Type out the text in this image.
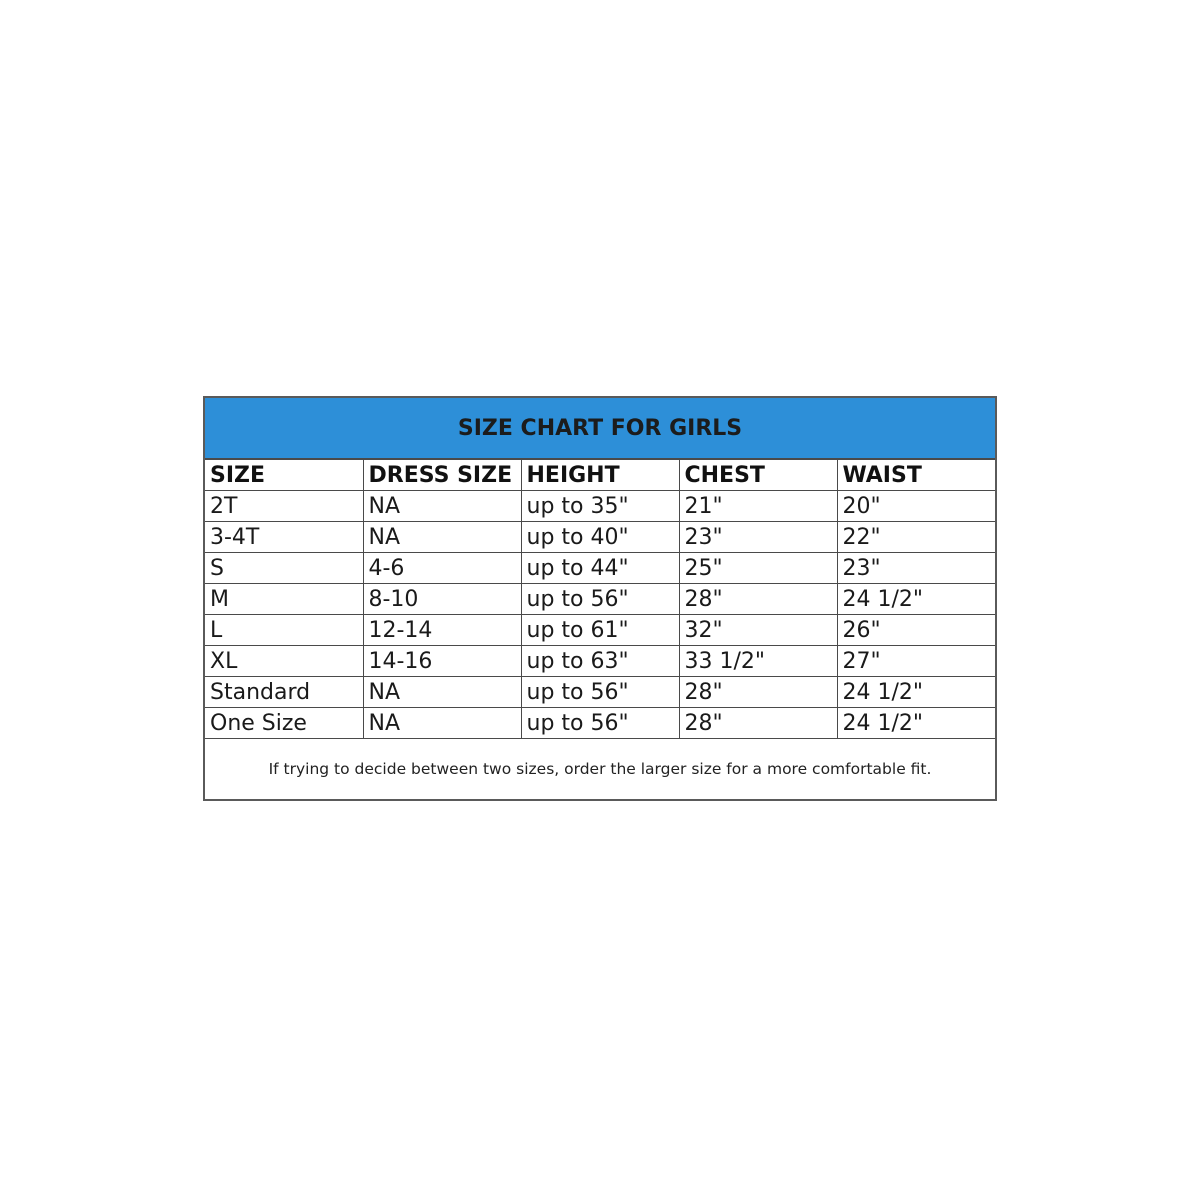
SIZE CHART FOR GIRLS
SIZE	DRESS SIZE	HEIGHT	CHEST	WAIST
2T	NA	up to 35"	21"	20"
3-4T	NA	up to 40"	23"	22"
S	4-6	up to 44"	25"	23"
M	8-10	up to 56"	28"	24 1/2"
L	12-14	up to 61"	32"	26"
XL	14-16	up to 63"	33 1/2"	27"
Standard	NA	up to 56"	28"	24 1/2"
One Size	NA	up to 56"	28"	24 1/2"
If trying to decide between two sizes, order the larger size for a more comfortable fit.
